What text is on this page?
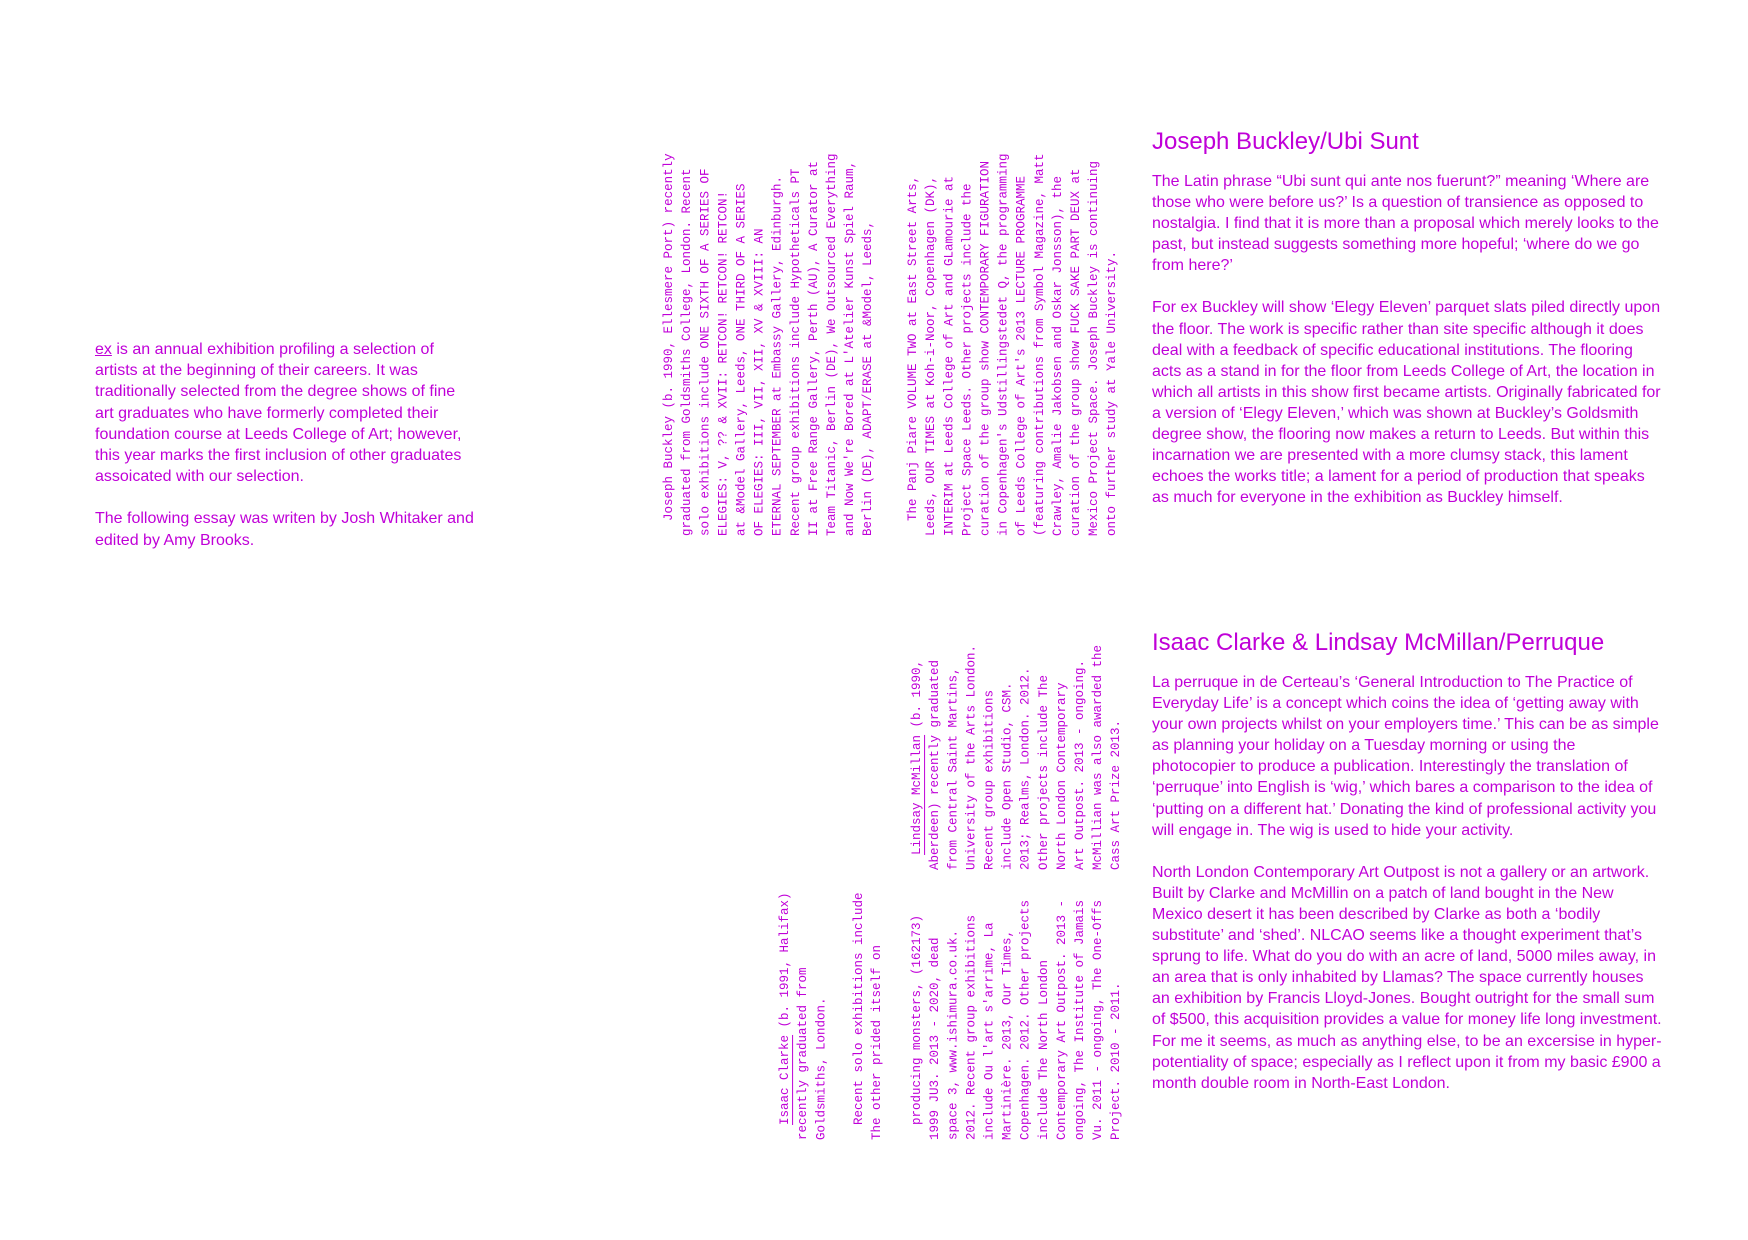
ex is an annual exhibition profiling a selection of artists at the beginning of their careers. It was traditionally selected from the degree shows of fine art graduates who have formerly completed their foundation course at Leeds College of Art; however, this year marks the first inclusion of other graduates assoicated with our selection.

The following essay was writen by Josh Whitaker and edited by Amy Brooks.

Joseph Buckley (b. 1990, Ellesmere Port) recently
graduated from Goldsmiths College, London. Recent
solo exhibitions include ONE SIXTH OF A SERIES OF
ELEGIES: V, ?? & XVII: RETCON! RETCON! RETCON!
at &Model Gallery, Leeds, ONE THIRD OF A SERIES
OF ELEGIES: III, VII, XII, XV & XVIII: AN
ETERNAL SEPTEMBER at Embassy Gallery, Edinburgh.
Recent group exhibitions include Hypotheticals PT
II at Free Range Gallery, Perth (AU), A Curator at
Team Titanic, Berlin (DE), We Outsourced Everything
and Now We're Bored at L'Atelier Kunst Spiel Raum,
Berlin (DE), ADAPT/ERASE at &Model, Leeds,

The Panj Piare VOLUME TWO at East Street Arts,
Leeds, OUR TIMES at Koh-i-Noor, Copenhagen (DK),
INTERIM at Leeds College of Art and GLamourie at
Project Space Leeds. Other projects include the
curation of the group show CONTEMPORARY FIGURATION
in Copenhagen's Udstillingstedet Q, the programming
of Leeds College of Art's 2013 LECTURE PROGRAMME
(featuring contributions from Symbol Magazine, Matt
Crawley, Amalie Jakobsen and Oskar Jonsson), the
curation of the group show FUCK SAKE PART DEUX at
Mexico Project Space. Joseph Buckley is continuing
onto further study at Yale University.

Isaac Clarke (b. 1991, Halifax)
recently graduated from
Goldsmiths, London.

Recent solo exhibitions include
The other prided itself on

producing monsters, (162173)
1999 JU3. 2013 - 2020, dead
space 3, www.ishimura.co.uk.
2012. Recent group exhibitions
include Ou l'art s'arrime, La
Martinière. 2013, Our Times,
Copenhagen. 2012. Other projects
include The North London
Contemporary Art Outpost. 2013 -
ongoing, The Institute of Jamais
Vu. 2011 - ongoing, The One-Offs
Project. 2010 - 2011.

Lindsay McMillan (b. 1990,
Aberdeen) recently graduated
from Central Saint Martins,
University of the Arts London.
Recent group exhibitions
include Open Studio, CSM.
2013; Realms, London. 2012.
Other projects include The
North London Contemporary
Art Outpost. 2013 - ongoing.
McMillian was also awarded the
Cass Art Prize 2013.

Joseph Buckley/Ubi Sunt

The Latin phrase “Ubi sunt qui ante nos fuerunt?” meaning ‘Where are those who were before us?’ Is a question of transience as opposed to nostalgia. I find that it is more than a proposal which merely looks to the past, but instead suggests something more hopeful; ‘where do we go from here?’

For ex Buckley will show ‘Elegy Eleven’ parquet slats piled directly upon the floor. The work is specific rather than site specific although it does deal with a feedback of specific educational institutions. The flooring acts as a stand in for the floor from Leeds College of Art, the location in which all artists in this show first became artists. Originally fabricated for a version of ‘Elegy Eleven,’ which was shown at Buckley’s Goldsmith degree show, the flooring now makes a return to Leeds. But within this incarnation we are presented with a more clumsy stack, this lament echoes the works title; a lament for a period of production that speaks as much for everyone in the exhibition as Buckley himself.

Isaac Clarke & Lindsay McMillan/Perruque

La perruque in de Certeau’s ‘General Introduction to The Practice of Everyday Life’ is a concept which coins the idea of ‘getting away with your own projects whilst on your employers time.’ This can be as simple as planning your holiday on a Tuesday morning or using the photocopier to produce a publication. Interestingly the translation of ‘perruque’ into English is ‘wig,’ which bares a comparison to the idea of ‘putting on a different hat.’ Donating the kind of professional activity you will engage in. The wig is used to hide your activity.

North London Contemporary Art Outpost is not a gallery or an artwork. Built by Clarke and McMillin on a patch of land bought in the New Mexico desert it has been described by Clarke as both a ‘bodily substitute’ and ‘shed’. NLCAO seems like a thought experiment that’s sprung to life. What do you do with an acre of land, 5000 miles away, in an area that is only inhabited by Llamas? The space currently houses an exhibition by Francis Lloyd-Jones. Bought outright for the small sum of $500, this acquisition provides a value for money life long investment. For me it seems, as much as anything else, to be an excersise in hyper-potentiality of space; especially as I reflect upon it from my basic £900 a month double room in North-East London.
